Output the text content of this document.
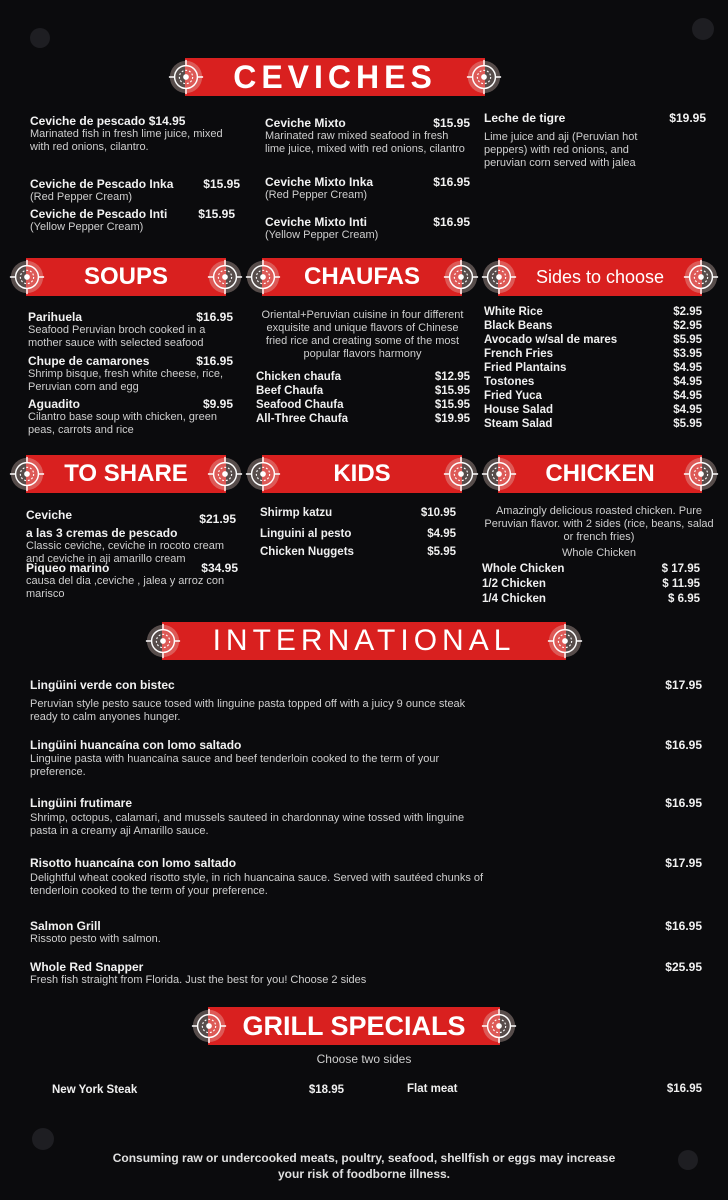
CEVICHES
Ceviche de pescado $14.95
Marinated fish in fresh lime juice, mixed with red onions, cilantro.
Ceviche de Pescado Inka $15.95
(Red Pepper Cream)
Ceviche de Pescado Inti	$15.95
(Yellow Pepper Cream)
Ceviche Mixto	$15.95
Marinated raw mixed seafood in fresh lime juice, mixed with red onions, cilantro
Ceviche Mixto Inka	$16.95
(Red Pepper Cream)
Ceviche Mixto Inti	$16.95
(Yellow Pepper Cream)
Leche de tigre	$19.95
Lime juice and aji (Peruvian hot peppers) with red onions, and peruvian corn served with jalea
SOUPS	CHAUFAS	Sides to choose
Parihuela	$16.95
Seafood Peruvian broch cooked in a mother sauce with selected seafood
Chupe de camarones	$16.95
Shrimp bisque, fresh white cheese, rice, Peruvian corn and egg
Aguadito	$9.95
Cilantro base soup with chicken, green peas, carrots and rice
Oriental+Peruvian cuisine in four different exquisite and unique flavors of Chinese fried rice and creating some of the most popular flavors harmony
Chicken chaufa	$12.95
Beef Chaufa	$15.95
Seafood Chaufa	$15.95
All-Three Chaufa	$19.95
White Rice	$2.95
Black Beans	$2.95
Avocado w/sal de mares	$5.95
French Fries	$3.95
Fried Plantains	$4.95
Tostones	$4.95
Fried Yuca	$4.95
House Salad	$4.95
Steam Salad	$5.95
TO SHARE	KIDS	CHICKEN
Ceviche	$21.95
a las 3 cremas de pescado
Classic ceviche, ceviche in rocoto cream and ceviche in aji amarillo cream
Piqueo marino	$34.95
causa del dia ,ceviche , jalea y arroz con marisco
Shirmp katzu	$10.95
Linguini al pesto	$4.95
Chicken Nuggets	$5.95
Amazingly delicious roasted chicken. Pure Peruvian flavor. with 2 sides (rice, beans, salad or french fries)
Whole Chicken
Whole Chicken	$ 17.95
1/2 Chicken	$ 11.95
1/4 Chicken	$ 6.95
INTERNATIONAL
Lingüini verde con bistec	$17.95
Peruvian style pesto sauce tosed with linguine pasta topped off with a juicy 9 ounce steak ready to calm anyones hunger.
Lingüini huancaína con lomo saltado	$16.95
Linguine pasta with huancaína sauce and beef tenderloin cooked to the term of your preference.
Lingüini frutimare	$16.95
Shrimp, octopus, calamari, and mussels sauteed in chardonnay wine tossed with linguine pasta in a creamy aji Amarillo sauce.
Risotto huancaína con lomo saltado	$17.95
Delightful wheat cooked risotto style, in rich huancaina sauce. Served with sautéed chunks of tenderloin cooked to the term of your preference.
Salmon Grill	$16.95
Rissoto pesto with salmon.
Whole Red Snapper	$25.95
Fresh fish straight from Florida. Just the best for you! Choose 2 sides
GRILL SPECIALS
Choose two sides
New York Steak	$18.95	Flat meat	$16.95
Consuming raw or undercooked meats, poultry, seafood, shellfish or eggs may increase
your risk of foodborne illness.
